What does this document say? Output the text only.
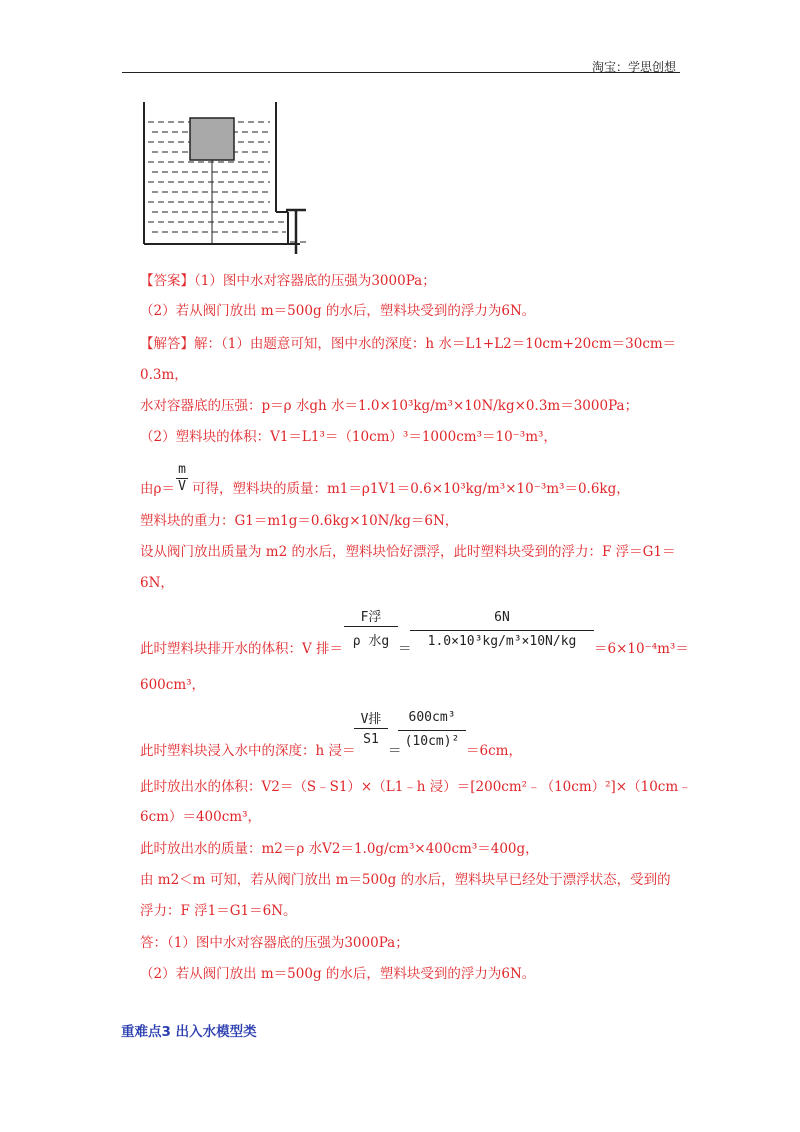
淘宝：学思创想
【答案】（1）图中水对容器底的压强为3000Pa；
（2）若从阀门放出 m＝500g 的水后，塑料块受到的浮力为6N。
【解答】解：（1）由题意可知，图中水的深度：h 水＝L1+L2＝10cm+20cm＝30cm＝
0.3m，
水对容器底的压强：p＝ρ 水gh 水＝1.0×10³kg/m³×10N/kg×0.3m＝3000Pa；
（2）塑料块的体积：V1＝L1³＝（10cm）³＝1000cm³＝10⁻³m³，
由ρ＝
m
V 可得，塑料块的质量：m1＝ρ1V1＝0.6×10³kg/m³×10⁻³m³＝0.6kg，
塑料块的重力：G1＝m1g＝0.6kg×10N/kg＝6N，
设从阀门放出质量为 m2 的水后，塑料块恰好漂浮，此时塑料块受到的浮力：F 浮＝G1＝
6N，
此时塑料块排开水的体积：V 排＝
F浮
ρ 水g ＝
6N
1.0×10³kg/m³×10N/kg	＝6×10⁻⁴m³＝
600cm³，
此时塑料块浸入水中的深度：h 浸＝
V排
S1
＝
600cm³
(10cm)²
＝6cm，
此时放出水的体积：V2＝（S﹣S1）×（L1﹣h 浸）＝[200cm²﹣（10cm）²]×（10cm﹣
6cm）＝400cm³，
此时放出水的质量：m2＝ρ 水V2＝1.0g/cm³×400cm³＝400g，
由 m2＜m 可知，若从阀门放出 m＝500g 的水后，塑料块早已经处于漂浮状态，受到的
浮力：F 浮1＝G1＝6N。
答：（1）图中水对容器底的压强为3000Pa；
（2）若从阀门放出 m＝500g 的水后，塑料块受到的浮力为6N。
重难点3 出入水模型类
